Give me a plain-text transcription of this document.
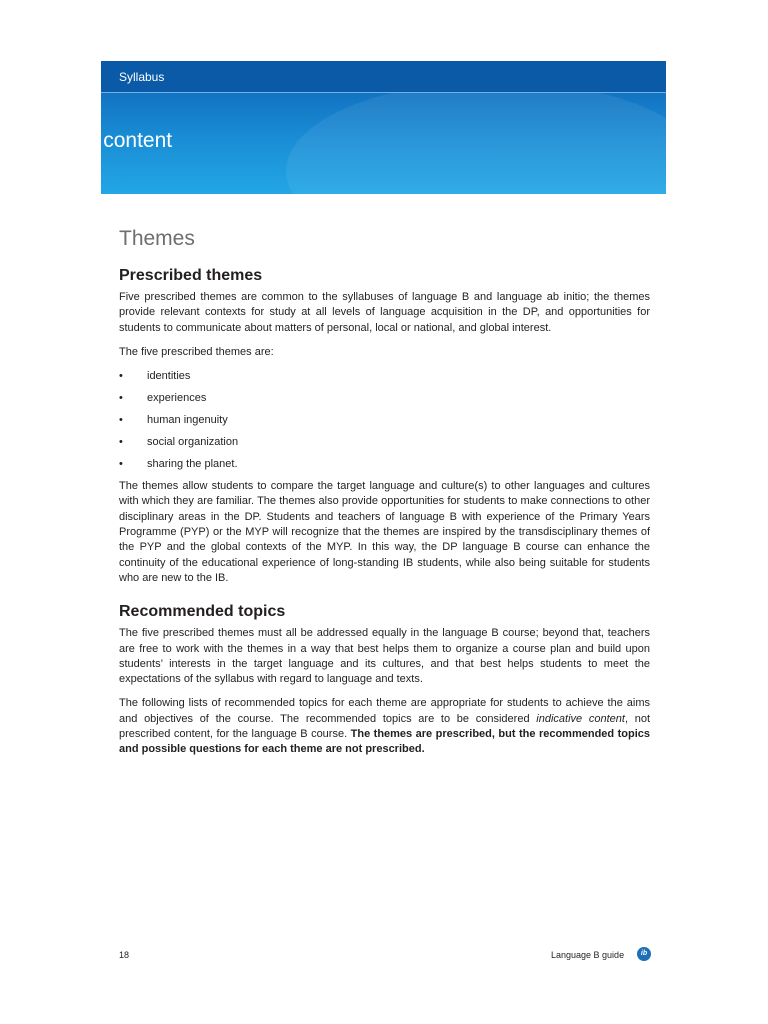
Syllabus
Syllabus content
Themes
Prescribed themes

Five prescribed themes are common to the syllabuses of language B and language ab initio; the themes provide relevant contexts for study at all levels of language acquisition in the DP, and opportunities for students to communicate about matters of personal, local or national, and global interest.

The five prescribed themes are:

• identities
• experiences
• human ingenuity
• social organization
• sharing the planet.

The themes allow students to compare the target language and culture(s) to other languages and cultures with which they are familiar. The themes also provide opportunities for students to make connections to other disciplinary areas in the DP. Students and teachers of language B with experience of the Primary Years Programme (PYP) or the MYP will recognize that the themes are inspired by the transdisciplinary themes of the PYP and the global contexts of the MYP. In this way, the DP language B course can enhance the continuity of the educational experience of long-standing IB students, while also being suitable for students who are new to the IB.

Recommended topics

The five prescribed themes must all be addressed equally in the language B course; beyond that, teachers are free to work with the themes in a way that best helps them to organize a course plan and build upon students’ interests in the target language and its cultures, and that best helps students to meet the expectations of the syllabus with regard to language and texts.

The following lists of recommended topics for each theme are appropriate for students to achieve the aims and objectives of the course. The recommended topics are to be considered indicative content, not prescribed content, for the language B course. The themes are prescribed, but the recommended topics and possible questions for each theme are not prescribed.

18	Language B guide	ib
